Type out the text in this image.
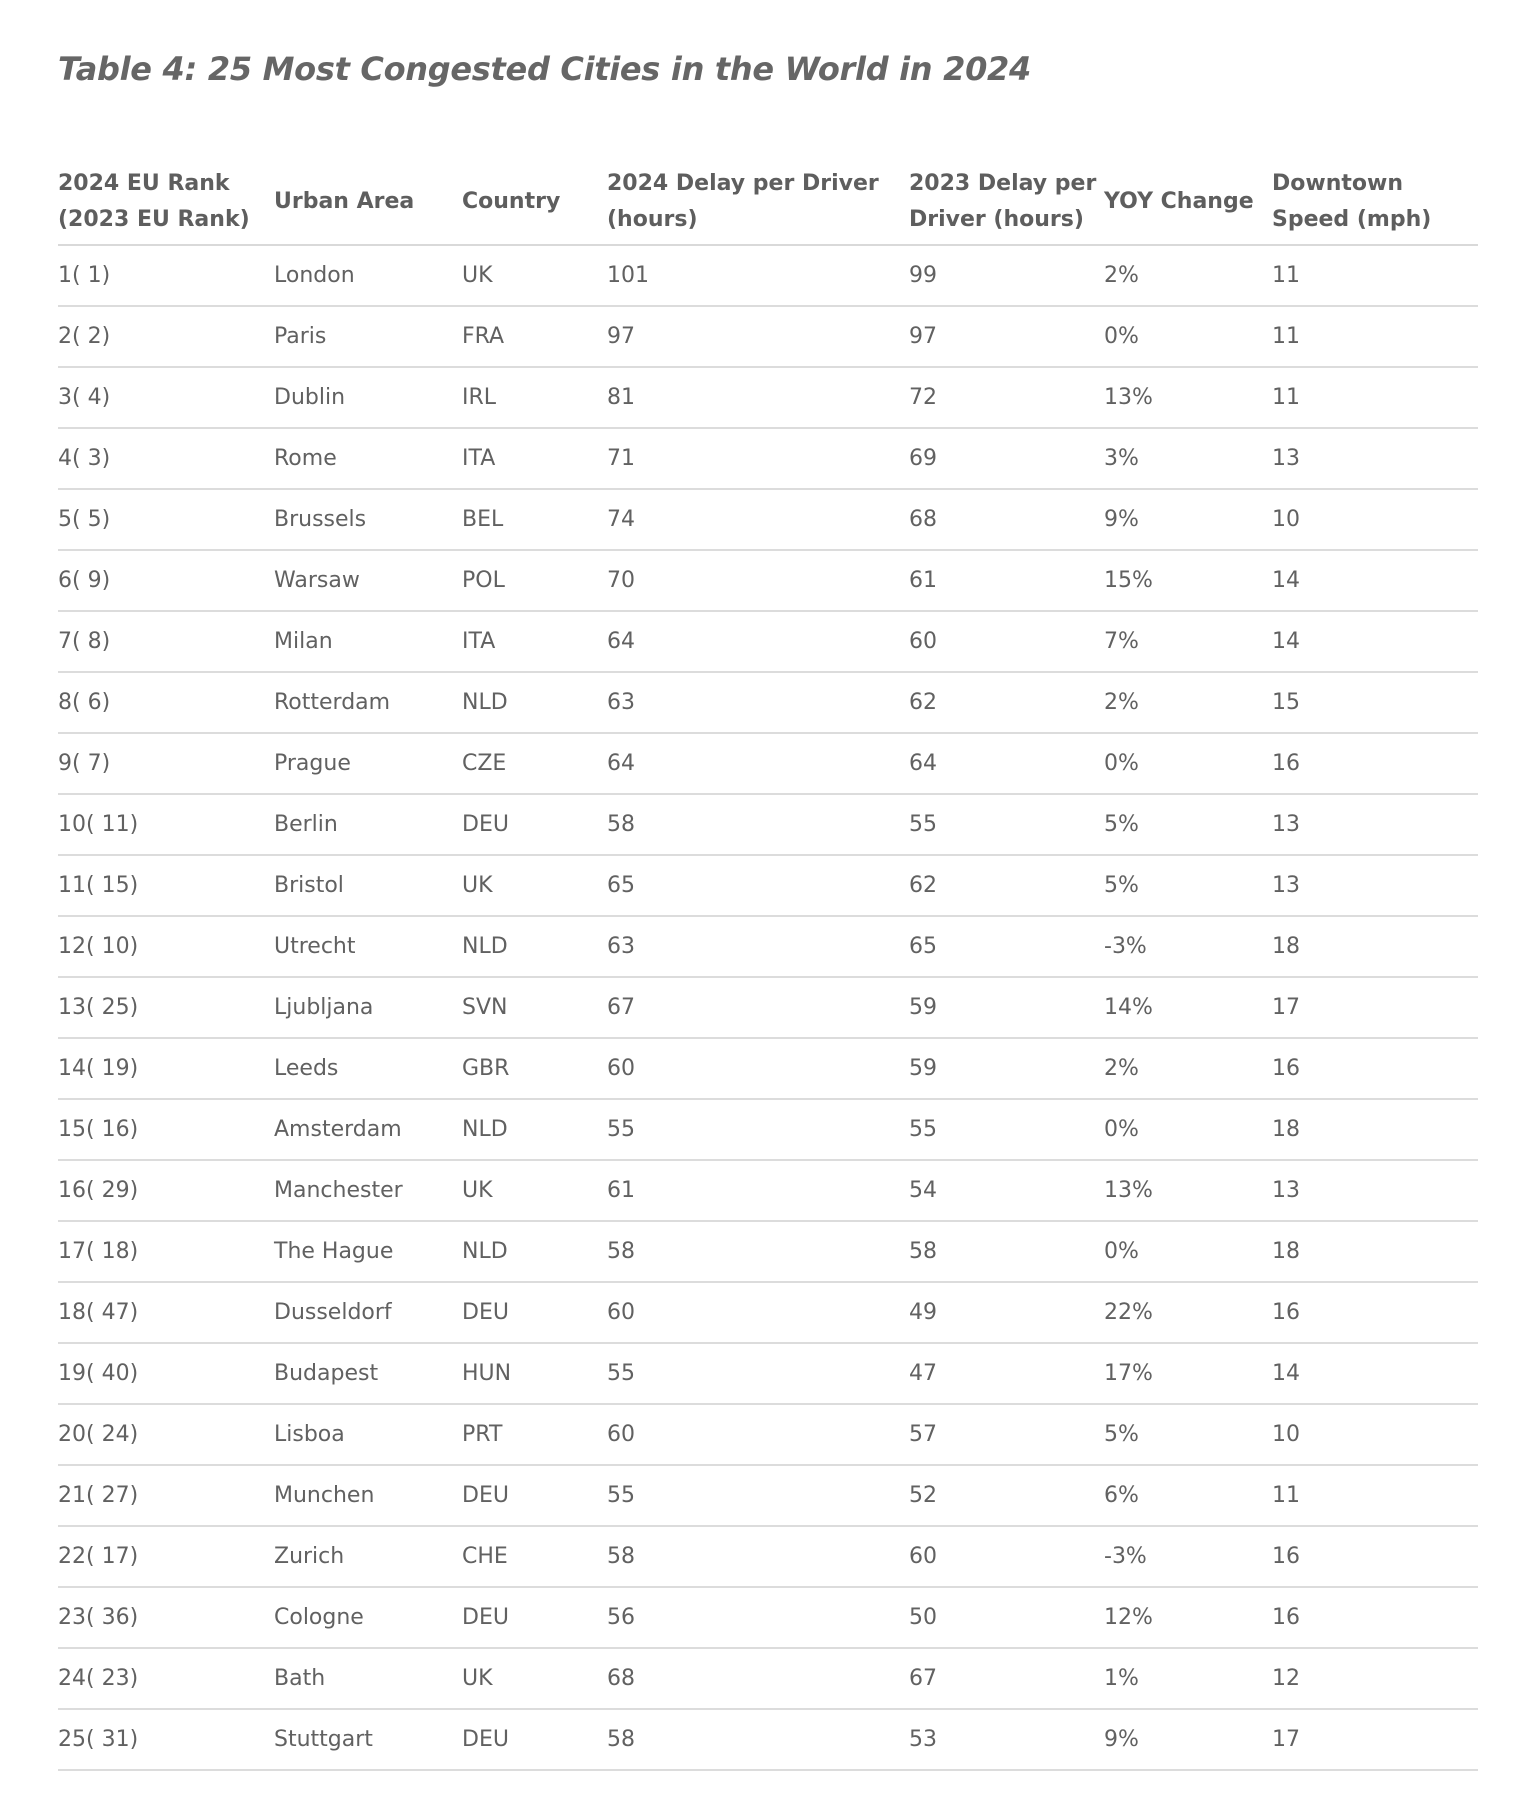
Table 4: 25 Most Congested Cities in the World in 2024
2024 EU Rank (2023 EU Rank)	Urban Area	Country	2024 Delay per Driver (hours)	2023 Delay per Driver (hours)	YOY Change	Downtown Speed (mph)
1( 1)	London	UK	101	99	2%	11
2( 2)	Paris	FRA	97	97	0%	11
3( 4)	Dublin	IRL	81	72	13%	11
4( 3)	Rome	ITA	71	69	3%	13
5( 5)	Brussels	BEL	74	68	9%	10
6( 9)	Warsaw	POL	70	61	15%	14
7( 8)	Milan	ITA	64	60	7%	14
8( 6)	Rotterdam	NLD	63	62	2%	15
9( 7)	Prague	CZE	64	64	0%	16
10( 11)	Berlin	DEU	58	55	5%	13
11( 15)	Bristol	UK	65	62	5%	13
12( 10)	Utrecht	NLD	63	65	-3%	18
13( 25)	Ljubljana	SVN	67	59	14%	17
14( 19)	Leeds	GBR	60	59	2%	16
15( 16)	Amsterdam	NLD	55	55	0%	18
16( 29)	Manchester	UK	61	54	13%	13
17( 18)	The Hague	NLD	58	58	0%	18
18( 47)	Dusseldorf	DEU	60	49	22%	16
19( 40)	Budapest	HUN	55	47	17%	14
20( 24)	Lisboa	PRT	60	57	5%	10
21( 27)	Munchen	DEU	55	52	6%	11
22( 17)	Zurich	CHE	58	60	-3%	16
23( 36)	Cologne	DEU	56	50	12%	16
24( 23)	Bath	UK	68	67	1%	12
25( 31)	Stuttgart	DEU	58	53	9%	17
